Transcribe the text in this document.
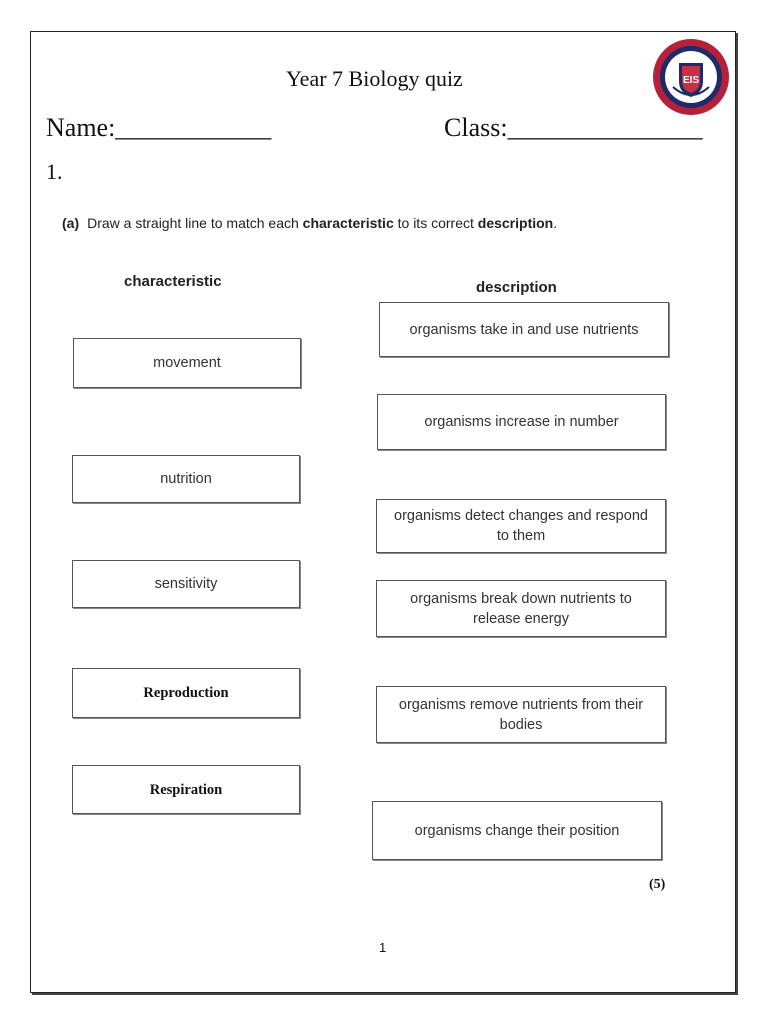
Year 7 Biology quiz	EIS
Name:____________	Class:_______________
1.
(a) Draw a straight line to match each characteristic to its correct description.
characteristic	description
movement
nutrition
sensitivity
Reproduction
Respiration
organisms take in and use nutrients
organisms increase in number
organisms detect changes and respond to them
organisms break down nutrients to release energy
organisms remove nutrients from their bodies
organisms change their position
(5)
1
